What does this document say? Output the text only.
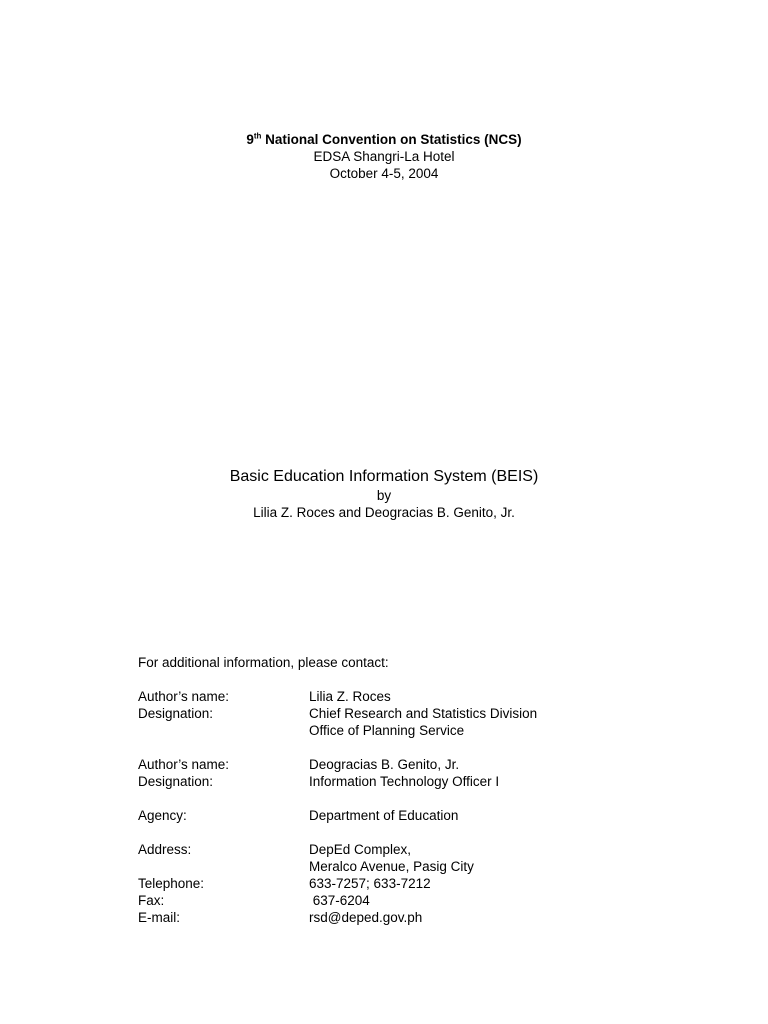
9th National Convention on Statistics (NCS)
EDSA Shangri-La Hotel
October 4-5, 2004
Basic Education Information System (BEIS)
by
Lilia Z. Roces and Deogracias B. Genito, Jr.
For additional information, please contact:
Author’s name:	Lilia Z. Roces
Designation:	Chief Research and Statistics Division
Office of Planning Service
Author’s name:	Deogracias B. Genito, Jr.
Designation:	Information Technology Officer I
Agency:	Department of Education
Address:	DepEd Complex,
Meralco Avenue, Pasig City
Telephone:	633-7257; 633-7212
Fax:	637-6204
E-mail:	rsd@deped.gov.ph
